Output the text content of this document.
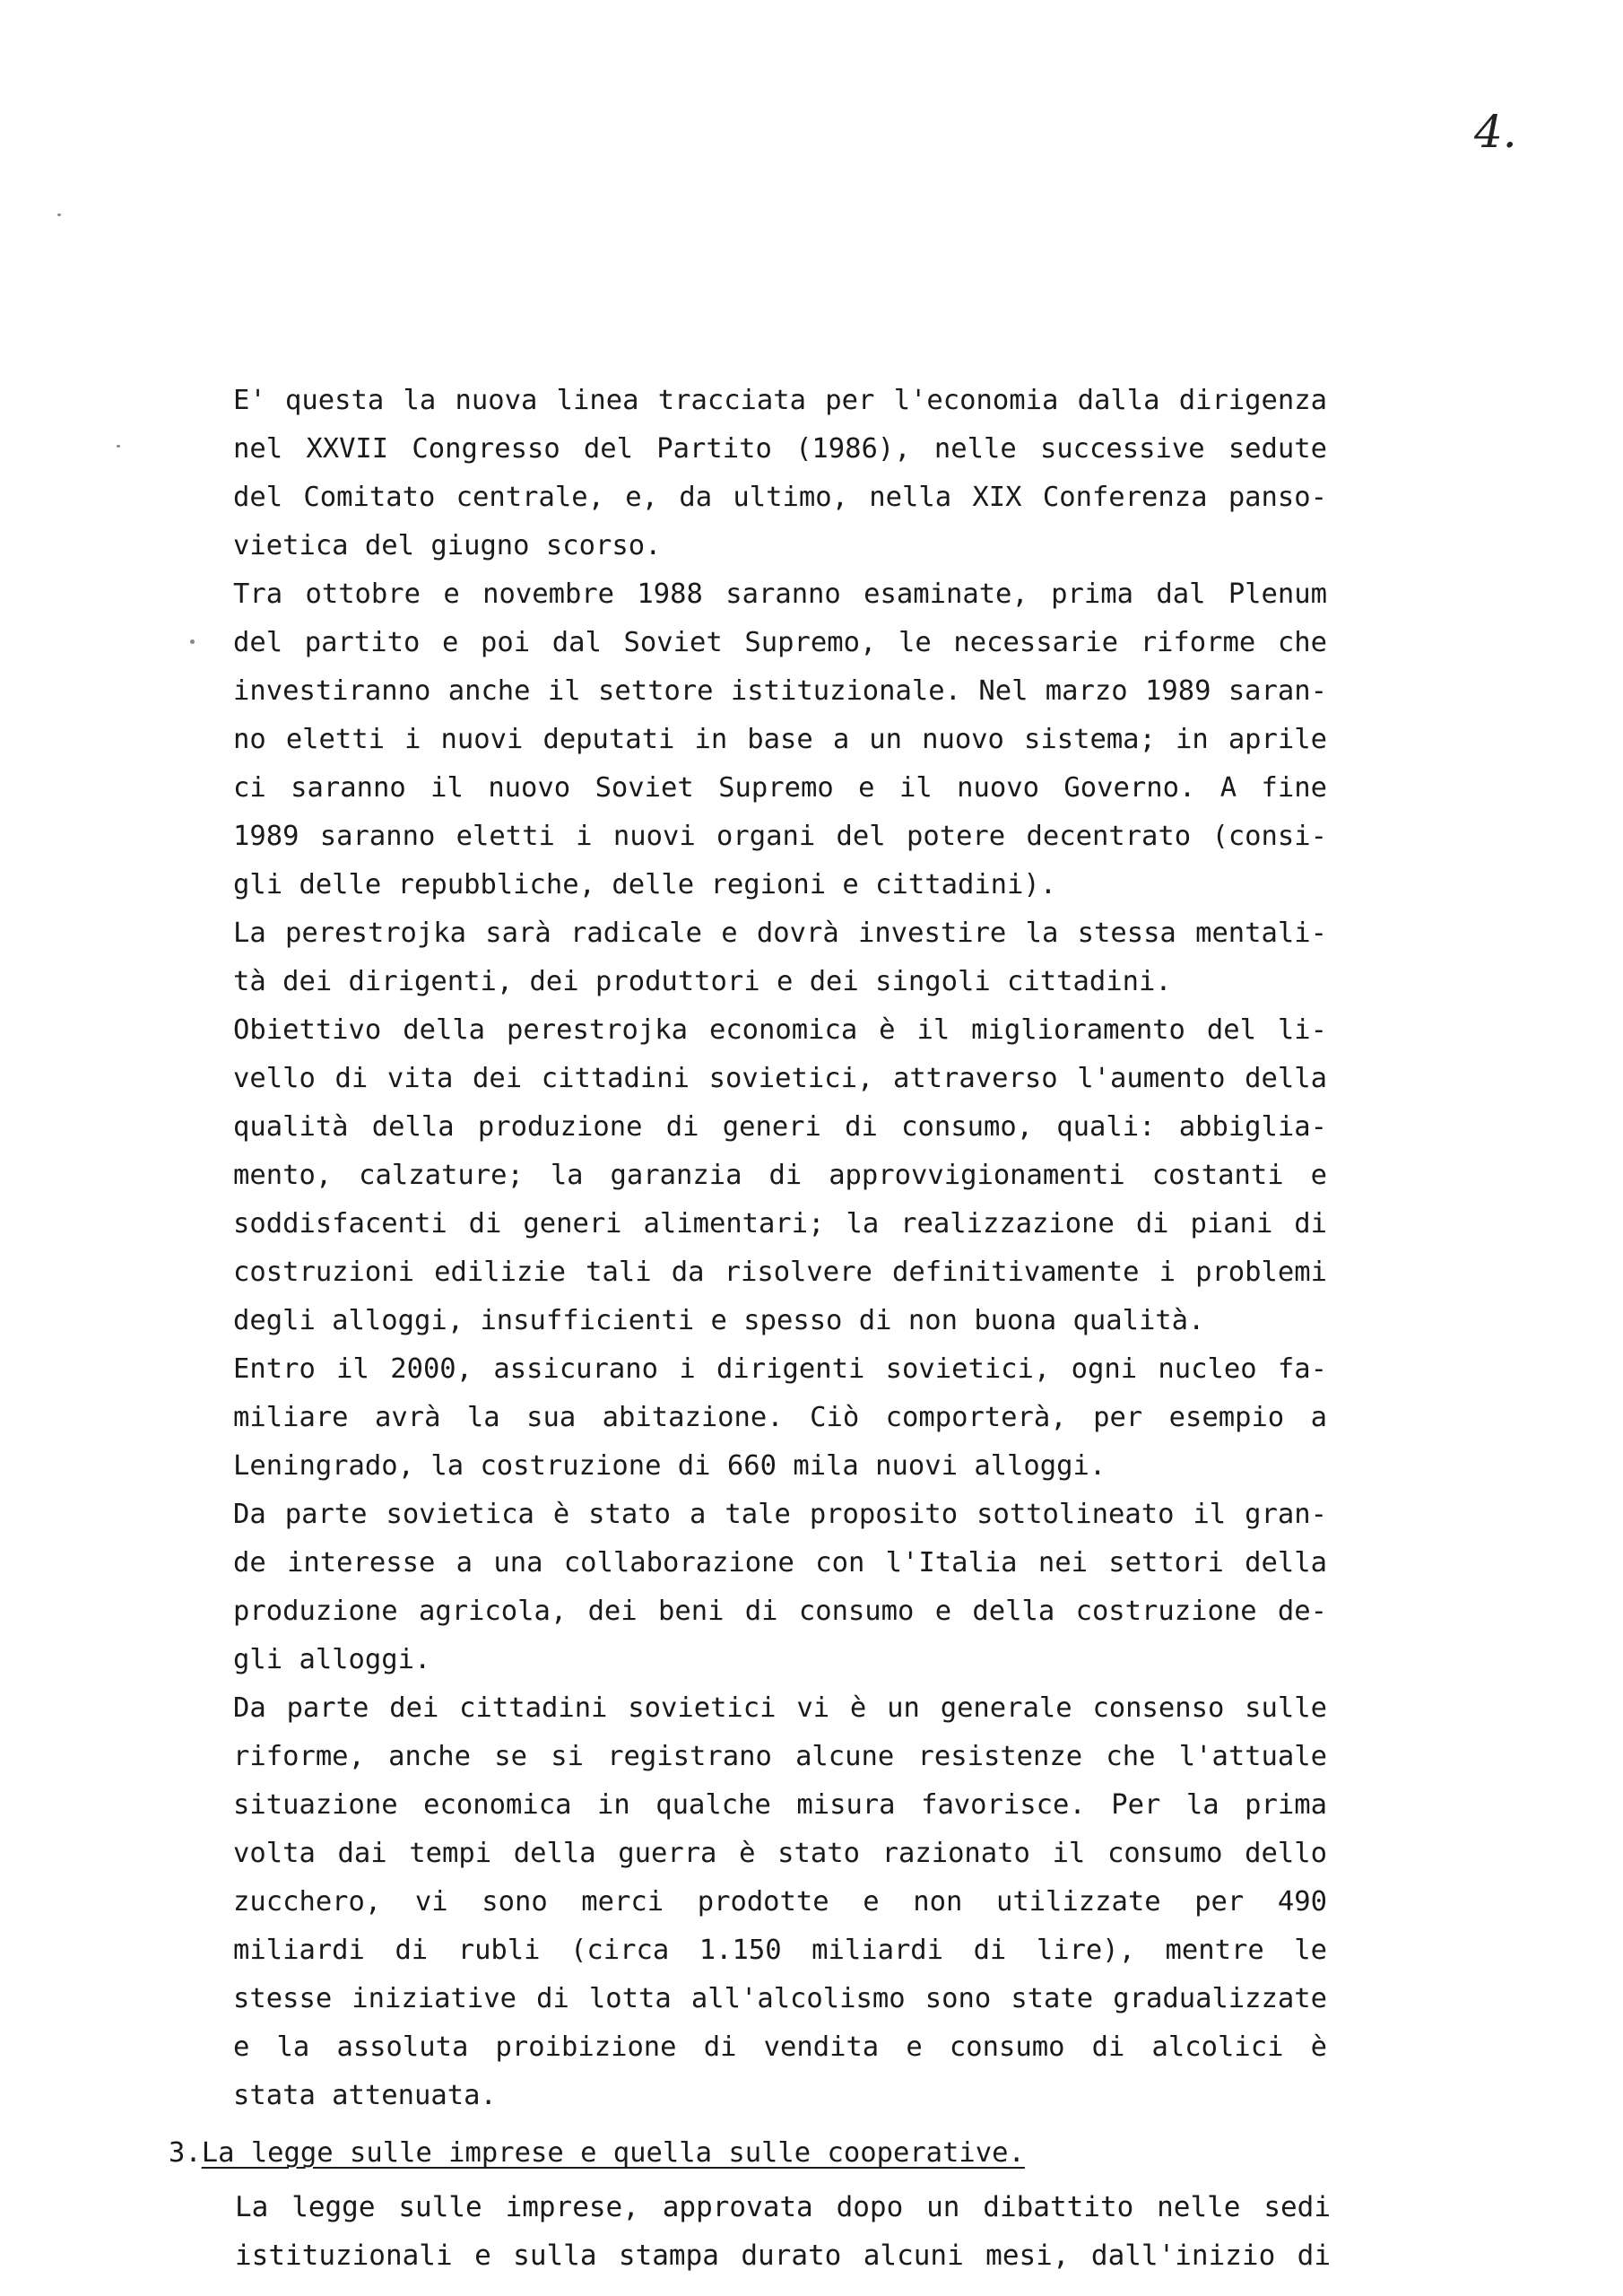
4.
E' questa la nuova linea tracciata per l'economia dalla dirigenza
nel XXVII Congresso del Partito (1986), nelle successive sedute
del Comitato centrale, e, da ultimo, nella XIX Conferenza panso-
vietica del giugno scorso.
Tra ottobre e novembre 1988 saranno esaminate, prima dal Plenum
del partito e poi dal Soviet Supremo, le necessarie riforme che
investiranno anche il settore istituzionale. Nel marzo 1989 saran-
no eletti i nuovi deputati in base a un nuovo sistema; in aprile
ci saranno il nuovo Soviet Supremo e il nuovo Governo. A fine
1989 saranno eletti i nuovi organi del potere decentrato (consi-
gli delle repubbliche, delle regioni e cittadini).
La perestrojka sarà radicale e dovrà investire la stessa mentali-
tà dei dirigenti, dei produttori e dei singoli cittadini.
Obiettivo della perestrojka economica è il miglioramento del li-
vello di vita dei cittadini sovietici, attraverso l'aumento della
qualità della produzione di generi di consumo, quali: abbiglia-
mento, calzature; la garanzia di approvvigionamenti costanti e
soddisfacenti di generi alimentari; la realizzazione di piani di
costruzioni edilizie tali da risolvere definitivamente i problemi
degli alloggi, insufficienti e spesso di non buona qualità.
Entro il 2000, assicurano i dirigenti sovietici, ogni nucleo fa-
miliare avrà la sua abitazione. Ciò comporterà, per esempio a
Leningrado, la costruzione di 660 mila nuovi alloggi.
Da parte sovietica è stato a tale proposito sottolineato il gran-
de interesse a una collaborazione con l'Italia nei settori della
produzione agricola, dei beni di consumo e della costruzione de-
gli alloggi.
Da parte dei cittadini sovietici vi è un generale consenso sulle
riforme, anche se si registrano alcune resistenze che l'attuale
situazione economica in qualche misura favorisce. Per la prima
volta dai tempi della guerra è stato razionato il consumo dello
zucchero, vi sono merci prodotte e non utilizzate per 490
miliardi di rubli (circa 1.150 miliardi di lire), mentre le
stesse iniziative di lotta all'alcolismo sono state gradualizzate
e la assoluta proibizione di vendita e consumo di alcolici è
stata attenuata.
3.La legge sulle imprese e quella sulle cooperative.
La legge sulle imprese, approvata dopo un dibattito nelle sedi
istituzionali e sulla stampa durato alcuni mesi, dall'inizio di
